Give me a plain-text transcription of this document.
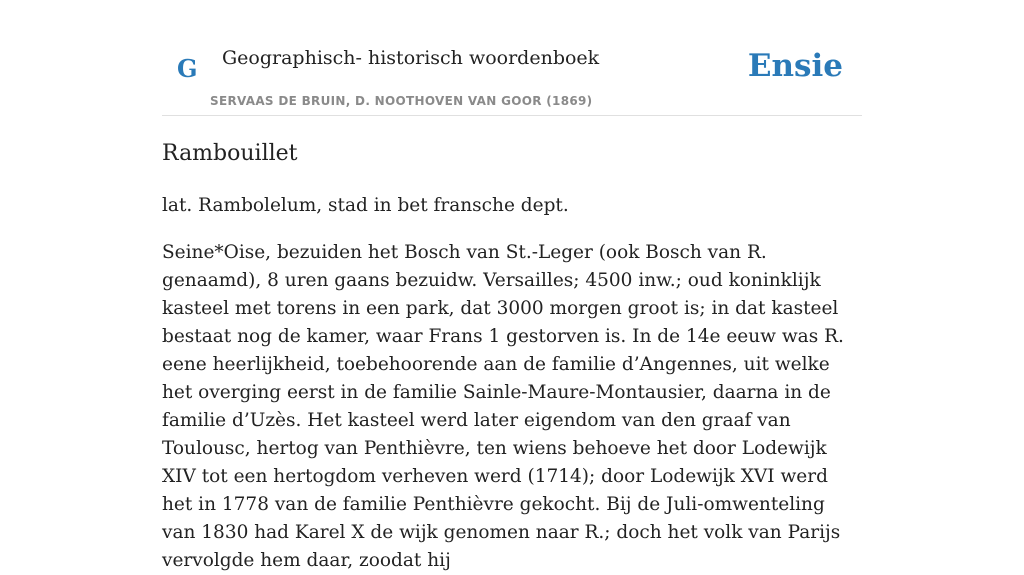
G Geographisch- historisch woordenboek
SERVAAS DE BRUIN, D. NOOTHOVEN VAN GOOR (1869)
Ensie
Rambouillet

lat. Rambolelum, stad in bet fransche dept.

Seine*Oise, bezuiden het Bosch van St.-Leger (ook Bosch van R. genaamd), 8 uren gaans bezuidw. Versailles; 4500 inw.; oud koninklijk kasteel met torens in een park, dat 3000 morgen groot is; in dat kasteel bestaat nog de kamer, waar Frans 1 gestorven is. In de 14e eeuw was R. eene heerlijkheid, toebehoorende aan de familie d’Angennes, uit welke het overging eerst in de familie Sainle-Maure-Montausier, daarna in de familie d’Uzès. Het kasteel werd later eigendom van den graaf van Toulousc, hertog van Penthièvre, ten wiens behoeve het door Lodewijk XIV tot een hertogdom verheven werd (1714); door Lodewijk XVI werd het in 1778 van de familie Penthièvre gekocht. Bij de Juli-omwenteling van 1830 had Karel X de wijk genomen naar R.; doch het volk van Parijs vervolgde hem daar, zoodat hij
